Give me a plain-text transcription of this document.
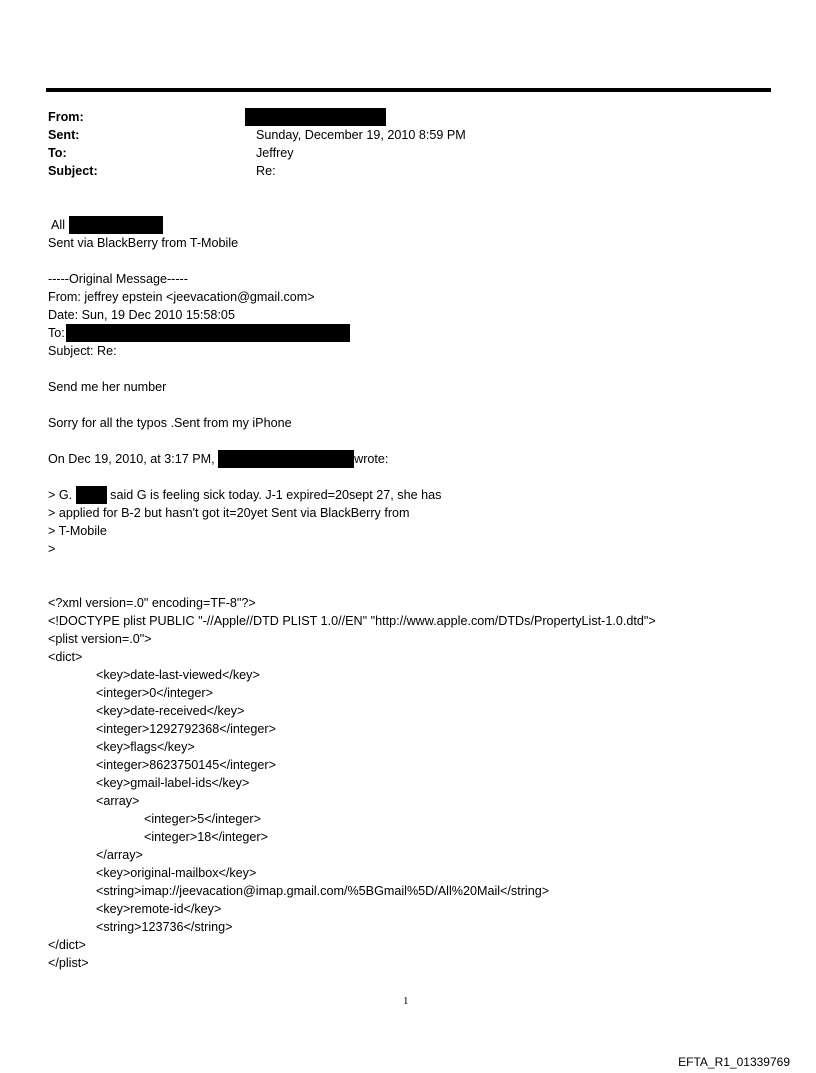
From:
Sent:	Sunday, December 19, 2010 8:59 PM
To:	Jeffrey
Subject:	Re:
All
Sent via BlackBerry from T-Mobile
-----Original Message-----
From: jeffrey epstein <jeevacation@gmail.com>
Date: Sun, 19 Dec 2010 15:58:05
To:
Subject: Re:
Send me her number
Sorry for all the typos .Sent from my iPhone
On Dec 19, 2010, at 3:17 PM,	wrote:
> G.	said G is feeling sick today. J-1 expired=20sept 27, she has
> applied for B-2 but hasn't got it=20yet Sent via BlackBerry from
> T-Mobile
>
<?xml version=.0" encoding=TF-8"?>
<!DOCTYPE plist PUBLIC "-//Apple//DTD PLIST 1.0//EN" "http://www.apple.com/DTDs/PropertyList-1.0.dtd">
<plist version=.0">
<dict>
<key>date-last-viewed</key>
<integer>0</integer>
<key>date-received</key>
<integer>1292792368</integer>
<key>flags</key>
<integer>8623750145</integer>
<key>gmail-label-ids</key>
<array>
<integer>5</integer>
<integer>18</integer>
</array>
<key>original-mailbox</key>
<string>imap://jeevacation@imap.gmail.com/%5BGmail%5D/All%20Mail</string>
<key>remote-id</key>
<string>123736</string>
</dict>
</plist>
1
EFTA_R1_01339769
